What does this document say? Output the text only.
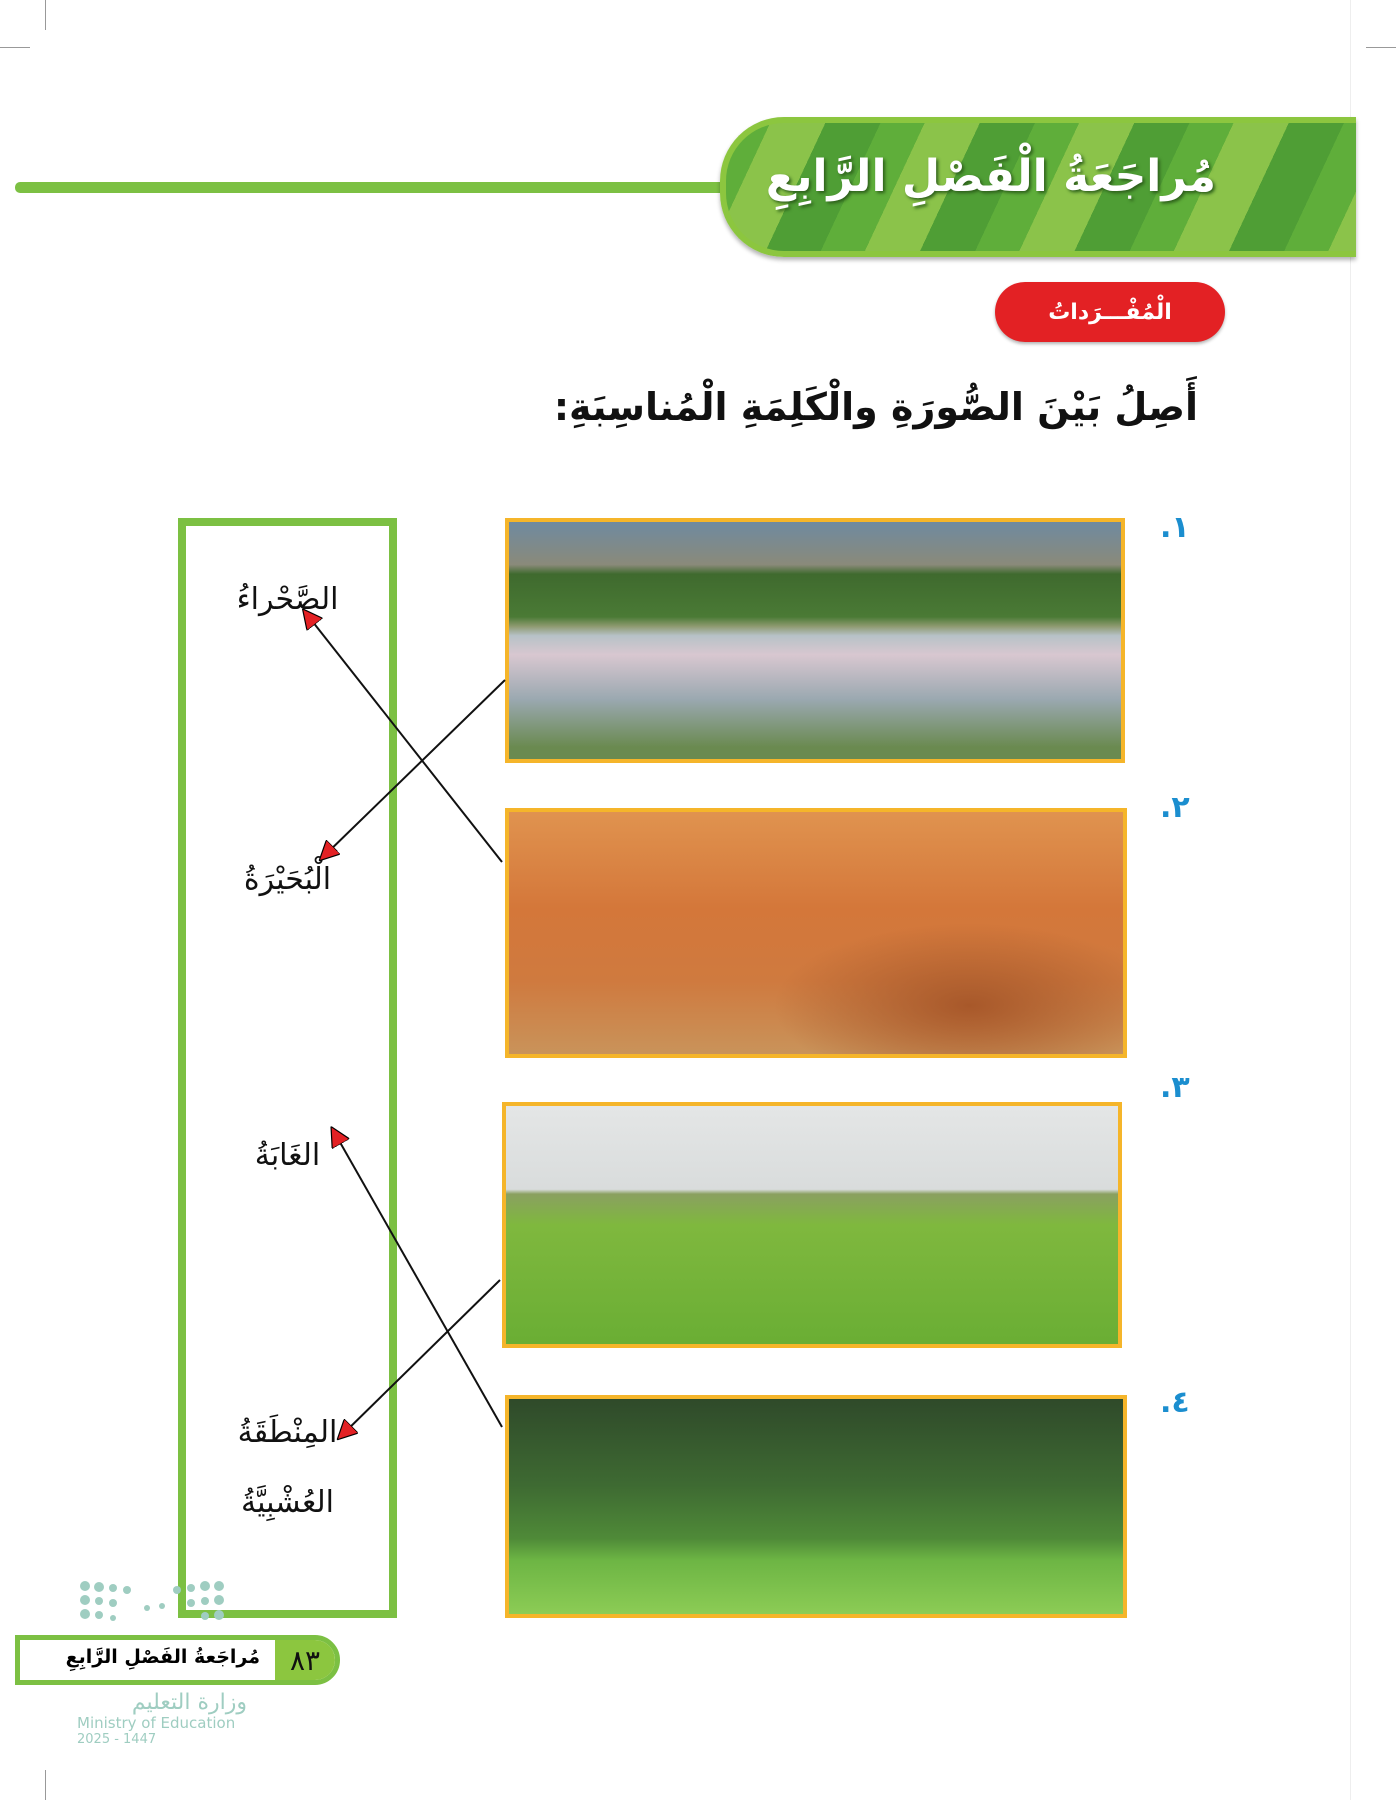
مُراجَعَةُ الْفَصْلِ الرَّابِعِ
الْمُفْـــرَداتُ
أَصِلُ بَيْنَ الصُّورَةِ والْكَلِمَةِ الْمُناسِبَةِ:
١.
٢.
٣.
٤.
الصَّحْراءُ
الْبُحَيْرَةُ
الغَابَةُ
المِنْطَقَةُ
العُشْبِيَّةُ
٨٣
مُراجَعةُ الفَصْلِ الرَّابِعِ
وزارة التعليم
Ministry of Education
2025 - 1447
